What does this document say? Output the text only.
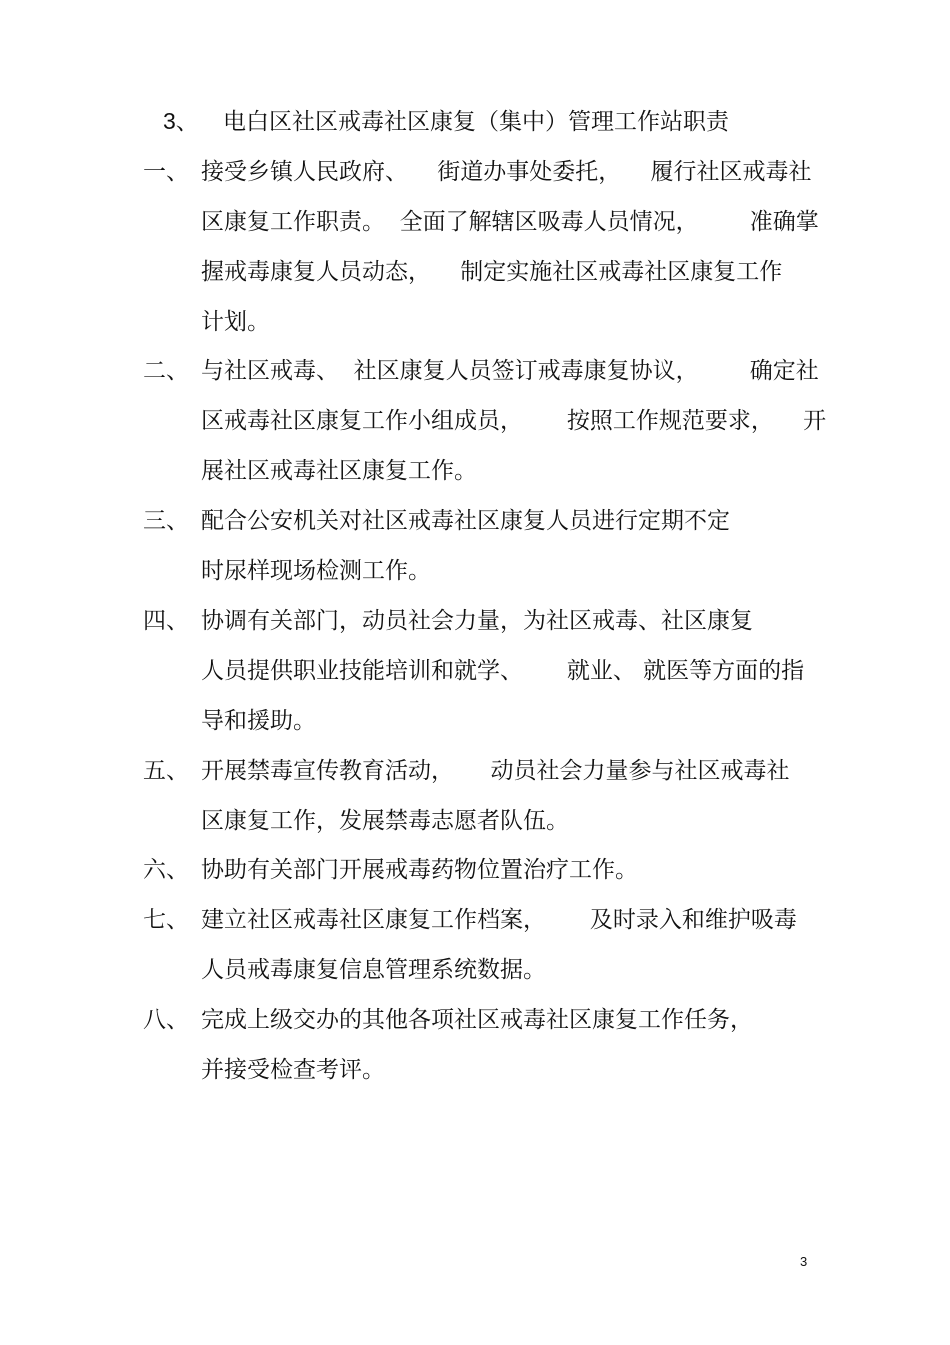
3、 电白区社区戒毒社区康复（集中）管理工作站职责
一、 接受乡镇人民政府、    街道办事处委托，    履行社区戒毒社
区康复工作职责。  全面了解辖区吸毒人员情况，       准确掌
握戒毒康复人员动态，    制定实施社区戒毒社区康复工作
计划。
二、 与社区戒毒、  社区康复人员签订戒毒康复协议，       确定社
区戒毒社区康复工作小组成员，      按照工作规范要求，    开
展社区戒毒社区康复工作。
三、 配合公安机关对社区戒毒社区康复人员进行定期不定
时尿样现场检测工作。
四、 协调有关部门，动员社会力量，为社区戒毒、社区康复
人员提供职业技能培训和就学、      就业、 就医等方面的指
导和援助。
五、 开展禁毒宣传教育活动，     动员社会力量参与社区戒毒社
区康复工作，发展禁毒志愿者队伍。
六、 协助有关部门开展戒毒药物位置治疗工作。
七、 建立社区戒毒社区康复工作档案，      及时录入和维护吸毒
人员戒毒康复信息管理系统数据。
八、 完成上级交办的其他各项社区戒毒社区康复工作任务，
并接受检查考评。
3
